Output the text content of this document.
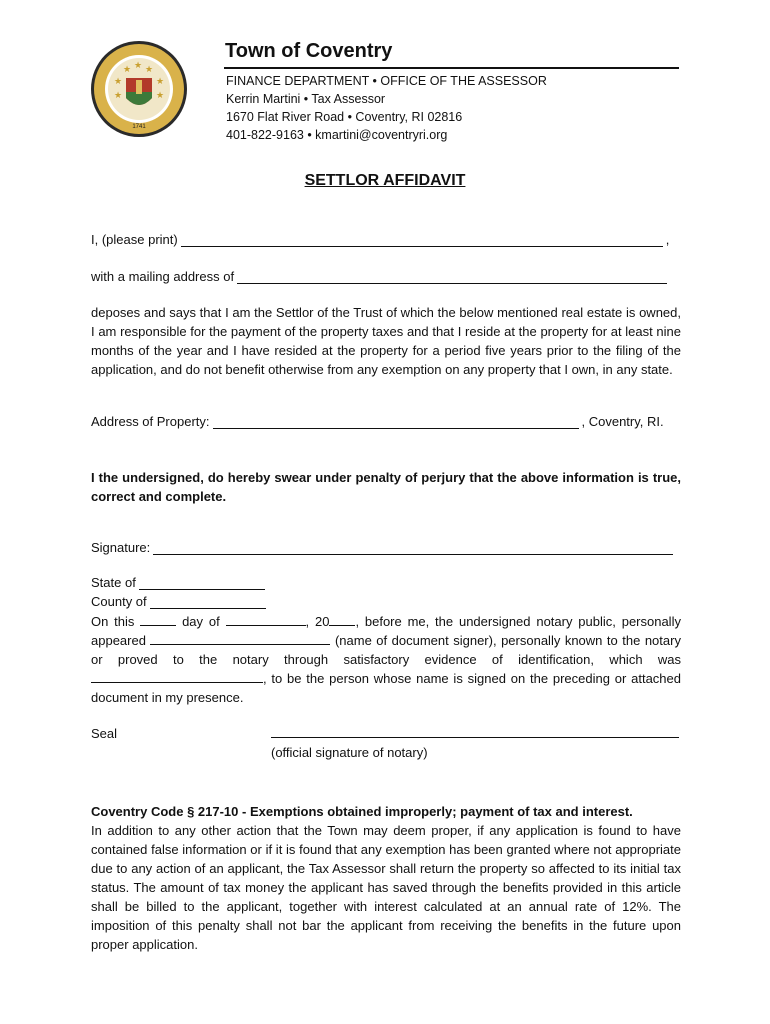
★ ★ ★
★	★
★	★
1741
Town of Coventry
FINANCE DEPARTMENT • OFFICE OF THE ASSESSOR
Kerrin Martini • Tax Assessor
1670 Flat River Road • Coventry, RI 02816
401-822-9163 • kmartini@coventryri.org
SETTLOR AFFIDAVIT
I, (please print)	,
with a mailing address of
deposes and says that I am the Settlor of the Trust of which the below mentioned real estate is owned, I am responsible for the payment of the property taxes and that I reside at the property for at least nine months of the year and I have resided at the property for a period five years prior to the filing of the application, and do not benefit otherwise from any exemption on any property that I own, in any state.
Address of Property:	, Coventry, RI.
I the undersigned, do hereby swear under penalty of perjury that the above information is true, correct and complete.
Signature:
State of
County of
On this	day of	, 20 , before me, the undersigned notary public, personally appeared	(name of document signer), personally known to the notary or proved to the notary through satisfactory evidence of identification, which was , to be the person whose name is signed on the preceding or attached document in my presence.
Seal
(official signature of notary)
Coventry Code § 217-10 - Exemptions obtained improperly; payment of tax and interest.
In addition to any other action that the Town may deem proper, if any application is found to have contained false information or if it is found that any exemption has been granted where not appropriate due to any action of an applicant, the Tax Assessor shall return the property so affected to its initial tax status. The amount of tax money the applicant has saved through the benefits provided in this article shall be billed to the applicant, together with interest calculated at an annual rate of 12%. The imposition of this penalty shall not bar the applicant from receiving the benefits in the future upon proper application.
